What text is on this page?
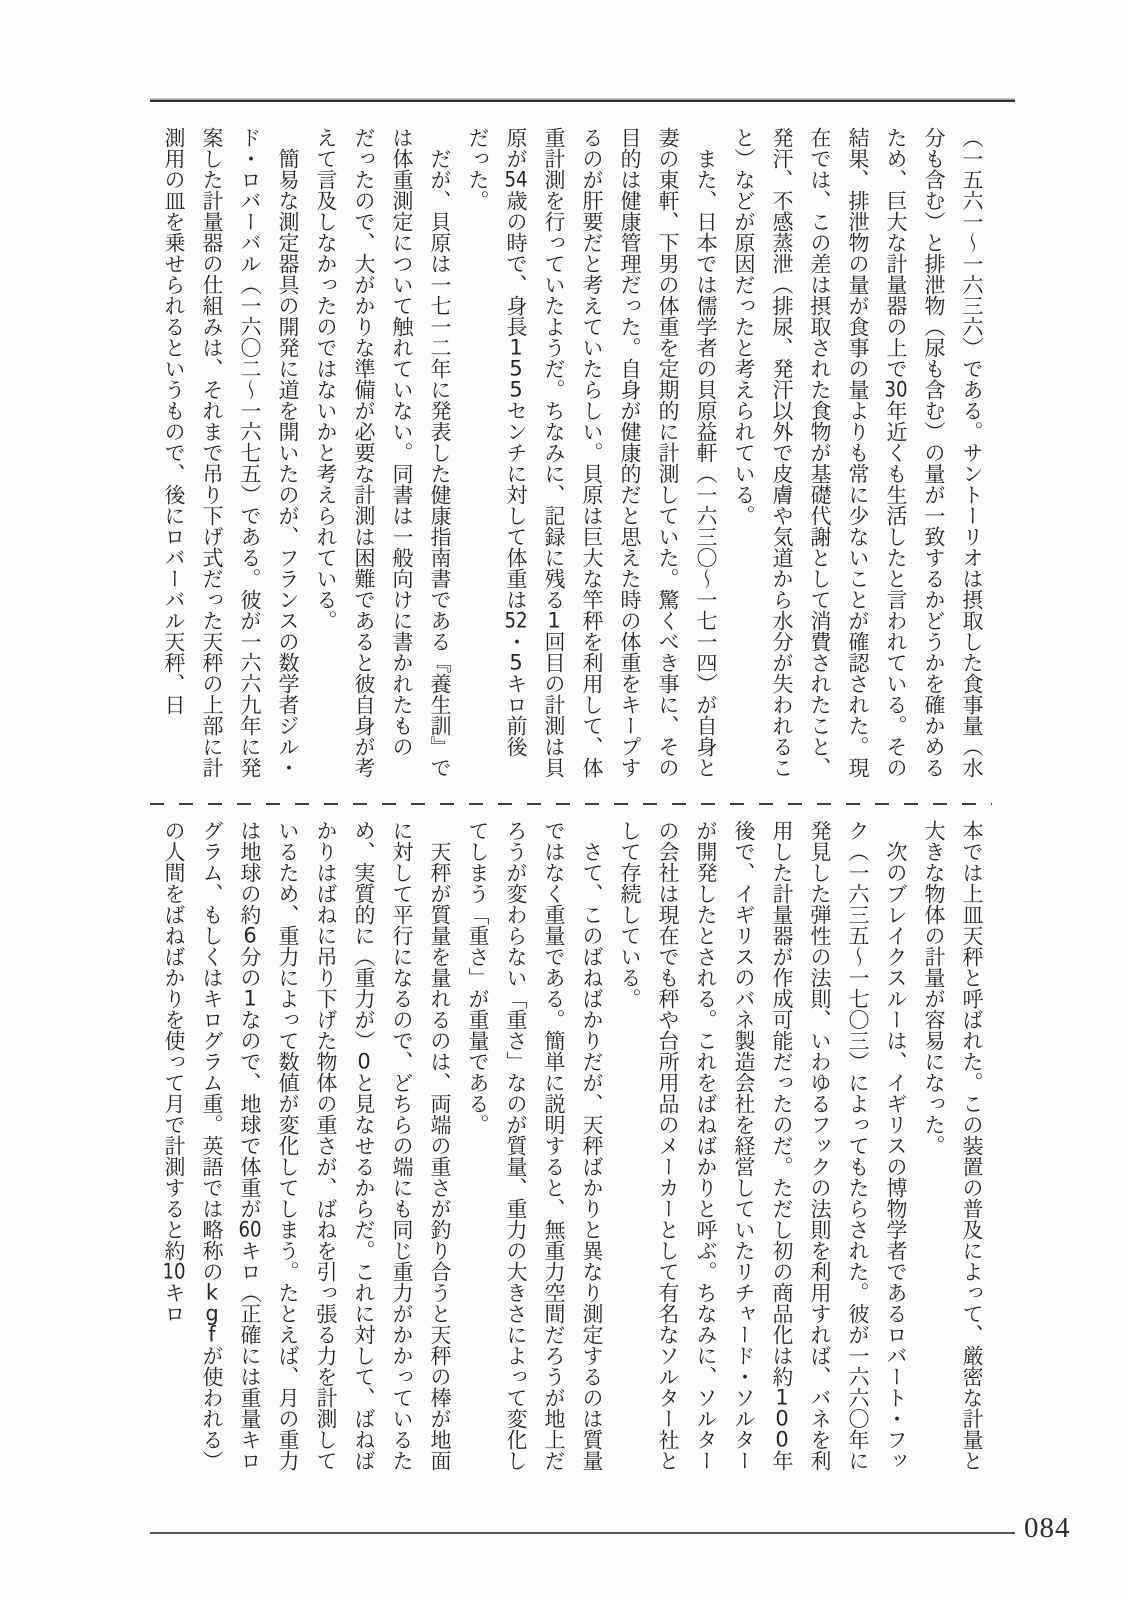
（一五六一～一六三六）である。サントーリオは摂取した食事量（水分も含む）と排泄物（尿も含む）の量が一致するかどうかを確かめるため、巨大な計量器の上で30年近くも生活したと言われている。その結果、排泄物の量が食事の量よりも常に少ないことが確認された。現在では、この差は摂取された食物が基礎代謝として消費されたこと、発汗、不感蒸泄（排尿、発汗以外で皮膚や気道から水分が失われること）などが原因だったと考えられている。

　また、日本では儒学者の貝原益軒（一六三〇～一七一四）が自身と妻の東軒、下男の体重を定期的に計測していた。驚くべき事に、その目的は健康管理だった。自身が健康的だと思えた時の体重をキープするのが肝要だと考えていたらしい。貝原は巨大な竿秤を利用して、体重計測を行っていたようだ。ちなみに、記録に残る1回目の計測は貝原が54歳の時で、身長155センチに対して体重は52・5キロ前後だった。

　だが、貝原は一七一二年に発表した健康指南書である『養生訓』では体重測定について触れていない。同書は一般向けに書かれたものだったので、大がかりな準備が必要な計測は困難であると彼自身が考えて言及しなかったのではないかと考えられている。

　簡易な測定器具の開発に道を開いたのが、フランスの数学者ジル・ド・ロバーバル（一六〇二～一六七五）である。彼が一六六九年に発案した計量器の仕組みは、それまで吊り下げ式だった天秤の上部に計測用の皿を乗せられるというもので、後にロバーバル天秤、日

本では上皿天秤と呼ばれた。この装置の普及によって、厳密な計量と大きな物体の計量が容易になった。

　次のブレイクスルーは、イギリスの博物学者であるロバート・フック（一六三五～一七〇三）によってもたらされた。彼が一六六〇年に発見した弾性の法則、いわゆるフックの法則を利用すれば、バネを利用した計量器が作成可能だったのだ。ただし初の商品化は約100年後で、イギリスのバネ製造会社を経営していたリチャード・ソルターが開発したとされる。これをばねばかりと呼ぶ。ちなみに、ソルターの会社は現在でも秤や台所用品のメーカーとして有名なソルター社として存続している。

　さて、このばねばかりだが、天秤ばかりと異なり測定するのは質量ではなく重量である。簡単に説明すると、無重力空間だろうが地上だろうが変わらない「重さ」なのが質量、重力の大きさによって変化してしまう「重さ」が重量である。

　天秤が質量を量れるのは、両端の重さが釣り合うと天秤の棒が地面に対して平行になるので、どちらの端にも同じ重力がかかっているため、実質的に（重力が）0と見なせるからだ。これに対して、ばねばかりはばねに吊り下げた物体の重さが、ばねを引っ張る力を計測しているため、重力によって数値が変化してしまう。たとえば、月の重力は地球の約6分の1なので、地球で体重が60キロ（正確には重量キログラム、もしくはキログラム重。英語では略称のkgfが使われる）の人間をばねばかりを使って月で計測すると約10キロ

084
